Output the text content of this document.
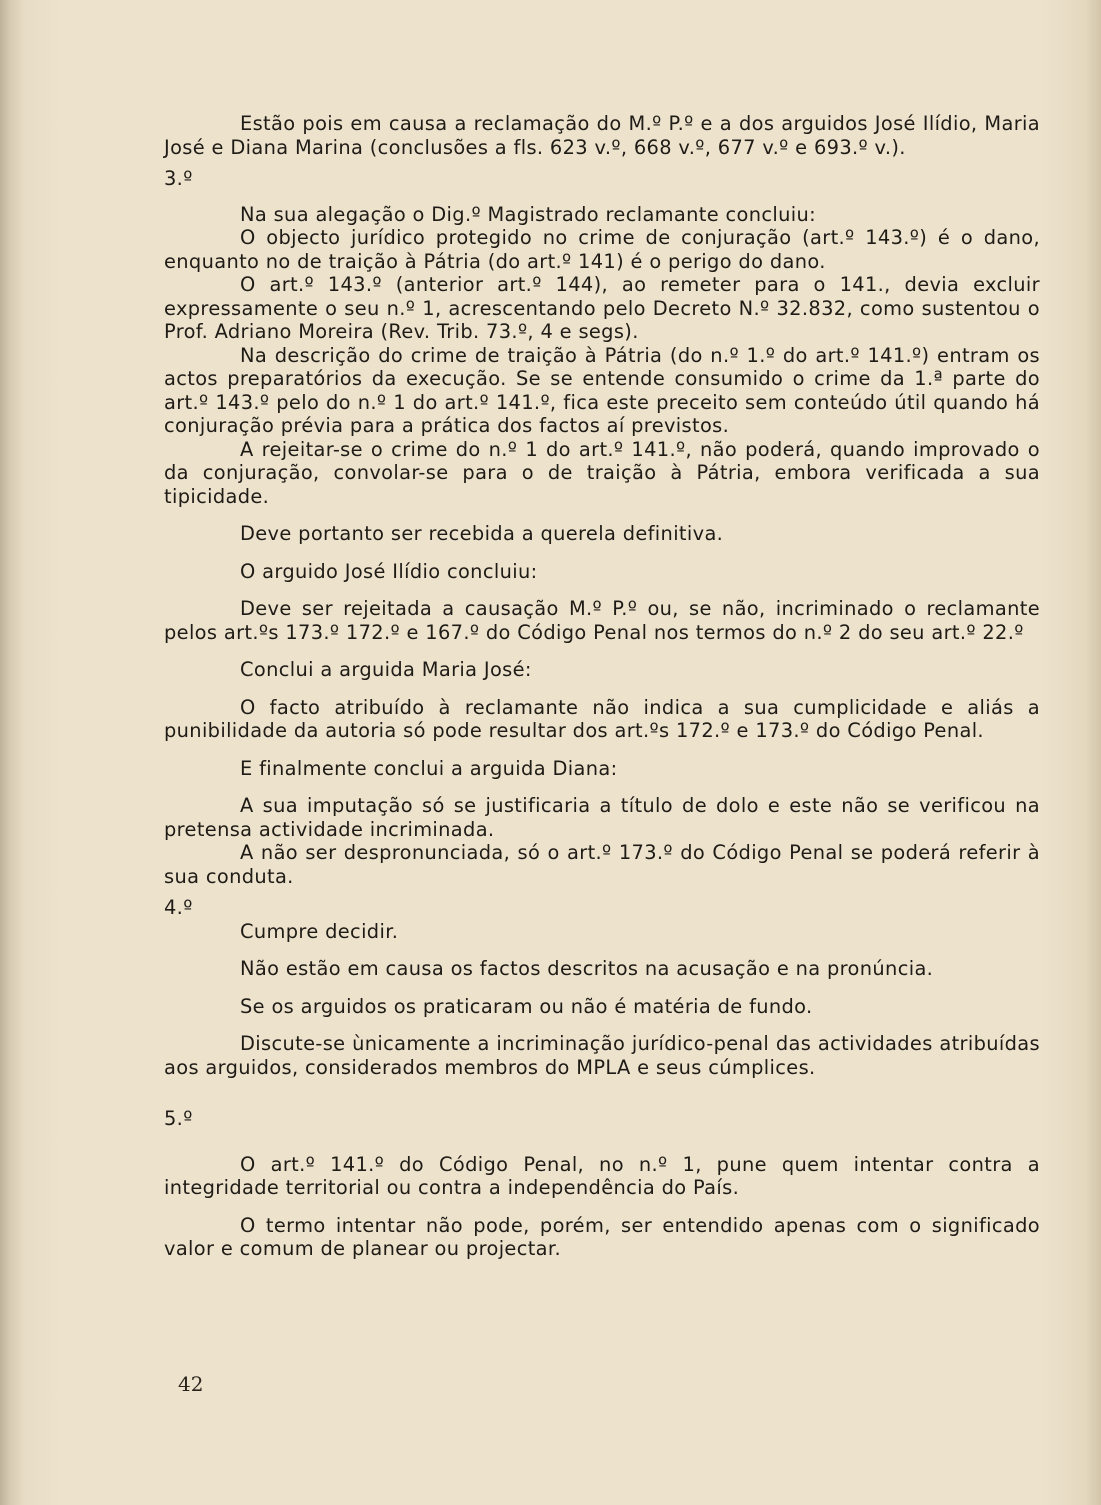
Estão pois em causa a reclamação do M.º P.º e a dos arguidos José Ilídio, Maria José e Diana Marina (conclusões a fls. 623 v.º, 668 v.º, 677 v.º e 693.º v.).

3.º

Na sua alegação o Dig.º Magistrado reclamante concluiu:

O objecto jurídico protegido no crime de conjuração (art.º 143.º) é o dano, enquanto no de traição à Pátria (do art.º 141) é o perigo do dano.

O art.º 143.º (anterior art.º 144), ao remeter para o 141., devia excluir expressamente o seu n.º 1, acrescentando pelo Decreto N.º 32.832, como sustentou o Prof. Adriano Moreira (Rev. Trib. 73.º, 4 e segs).

Na descrição do crime de traição à Pátria (do n.º 1.º do art.º 141.º) entram os actos preparatórios da execução. Se se entende consumido o crime da 1.ª parte do art.º 143.º pelo do n.º 1 do art.º 141.º, fica este preceito sem conteúdo útil quando há conjuração prévia para a prática dos factos aí previstos.

A rejeitar-se o crime do n.º 1 do art.º 141.º, não poderá, quando improvado o da conjuração, convolar-se para o de traição à Pátria, embora verificada a sua tipicidade.

Deve portanto ser recebida a querela definitiva.

O arguido José Ilídio concluiu:

Deve ser rejeitada a causação M.º P.º ou, se não, incriminado o reclamante pelos art.ºs 173.º 172.º e 167.º do Código Penal nos termos do n.º 2 do seu art.º 22.º

Conclui a arguida Maria José:

O facto atribuído à reclamante não indica a sua cumplicidade e aliás a punibilidade da autoria só pode resultar dos art.ºs 172.º e 173.º do Código Penal.

E finalmente conclui a arguida Diana:

A sua imputação só se justificaria a título de dolo e este não se verificou na pretensa actividade incriminada.

A não ser despronunciada, só o art.º 173.º do Código Penal se poderá referir à sua conduta.

4.º

Cumpre decidir.

Não estão em causa os factos descritos na acusação e na pronúncia.

Se os arguidos os praticaram ou não é matéria de fundo.

Discute-se ùnicamente a incriminação jurídico-penal das actividades atribuídas aos arguidos, considerados membros do MPLA e seus cúmplices.

5.º

O art.º 141.º do Código Penal, no n.º 1, pune quem intentar contra a integridade territorial ou contra a independência do País.

O termo intentar não pode, porém, ser entendido apenas com o significado valor e comum de planear ou projectar.

42
